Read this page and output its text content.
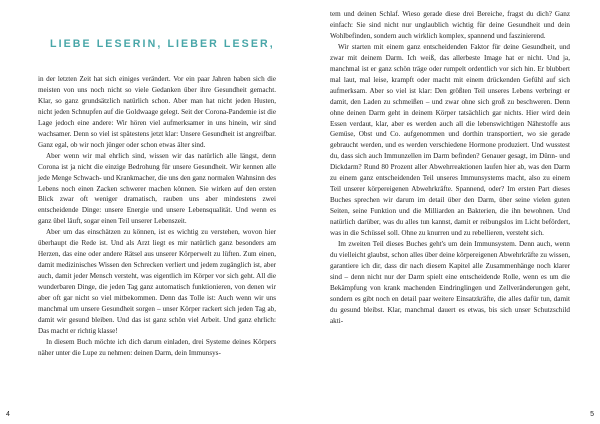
LIEBE LESERIN, LIEBER LESER,

in der letzten Zeit hat sich einiges verändert. Vor ein paar Jahren haben sich die meisten von uns noch nicht so viele Gedanken über ihre Gesundheit gemacht. Klar, so ganz grundsätzlich natürlich schon. Aber man hat nicht jeden Husten, nicht jeden Schnupfen auf die Goldwaage gelegt. Seit der Corona-Pandemie ist die Lage jedoch eine andere: Wir hören viel aufmerksamer in uns hinein, wir sind wachsamer. Denn so viel ist spätestens jetzt klar: Unsere Gesundheit ist angreifbar. Ganz egal, ob wir noch jünger oder schon etwas älter sind.

Aber wenn wir mal ehrlich sind, wissen wir das natürlich alle längst, denn Corona ist ja nicht die einzige Bedrohung für unsere Gesundheit. Wir kennen alle jede Menge Schwach- und Krankmacher, die uns den ganz normalen Wahnsinn des Lebens noch einen Zacken schwerer machen können. Sie wirken auf den ersten Blick zwar oft weniger dramatisch, rauben uns aber mindestens zwei entscheidende Dinge: unsere Energie und unsere Lebensqualität. Und wenn es ganz übel läuft, sogar einen Teil unserer Lebenszeit.

Aber um das einschätzen zu können, ist es wichtig zu verstehen, wovon hier überhaupt die Rede ist. Und als Arzt liegt es mir natürlich ganz besonders am Herzen, das eine oder andere Rätsel aus unserer Körperwelt zu lüften. Zum einen, damit medizinisches Wissen den Schrecken verliert und jedem zugänglich ist, aber auch, damit jeder Mensch versteht, was eigentlich im Körper vor sich geht. All die wunderbaren Dinge, die jeden Tag ganz automatisch funktionieren, von denen wir aber oft gar nicht so viel mitbekommen. Denn das Tolle ist: Auch wenn wir uns manchmal um unsere Gesundheit sorgen – unser Körper rackert sich jeden Tag ab, damit wir gesund bleiben. Und das ist ganz schön viel Arbeit. Und ganz ehrlich: Das macht er richtig klasse!

In diesem Buch möchte ich dich darum einladen, drei Systeme deines Körpers näher unter die Lupe zu nehmen: deinen Darm, dein Immunsys-

4

tem und deinen Schlaf. Wieso gerade diese drei Bereiche, fragst du dich? Ganz einfach: Sie sind nicht nur unglaublich wichtig für deine Gesundheit und dein Wohlbefinden, sondern auch wirklich komplex, spannend und faszinierend.

Wir starten mit einem ganz entscheidenden Faktor für deine Gesundheit, und zwar mit deinem Darm. Ich weiß, das allerbeste Image hat er nicht. Und ja, manchmal ist er ganz schön träge oder rumpelt ordentlich vor sich hin. Er blubbert mal laut, mal leise, krampft oder macht mit einem drückenden Gefühl auf sich aufmerksam. Aber so viel ist klar: Den größten Teil unseres Lebens verbringt er damit, den Laden zu schmeißen – und zwar ohne sich groß zu beschweren. Denn ohne deinen Darm geht in deinem Körper tatsächlich gar nichts. Hier wird dein Essen verdaut, klar, aber es werden auch all die lebenswichtigen Nährstoffe aus Gemüse, Obst und Co. aufgenommen und dorthin transportiert, wo sie gerade gebraucht werden, und es werden verschiedene Hormone produziert. Und wusstest du, dass sich auch Immunzellen im Darm befinden? Genauer gesagt, im Dünn- und Dickdarm? Rund 80 Prozent aller Abwehrreaktionen laufen hier ab, was den Darm zu einem ganz entscheidenden Teil unseres Immunsystems macht, also zu einem Teil unserer körpereigenen Abwehrkräfte. Spannend, oder? Im ersten Part dieses Buches sprechen wir darum im detail über den Darm, über seine vielen guten Seiten, seine Funktion und die Milliarden an Bakterien, die ihn bewohnen. Und natürlich darüber, was du alles tun kannst, damit er reibungslos im Licht befördert, was in die Schüssel soll. Ohne zu knurren und zu rebellieren, versteht sich.

Im zweiten Teil dieses Buches geht's um dein Immunsystem. Denn auch, wenn du vielleicht glaubst, schon alles über deine körpereigenen Abwehrkräfte zu wissen, garantiere ich dir, dass dir nach diesem Kapitel alle Zusammenhänge noch klarer sind – denn nicht nur der Darm spielt eine entscheidende Rolle, wenn es um die Bekämpfung von krank machenden Eindringlingen und Zellveränderungen geht, sondern es gibt noch en detail paar weitere Einsatzkräfte, die alles dafür tun, damit du gesund bleibst. Klar, manchmal dauert es etwas, bis sich unser Schutzschild akti-

5
